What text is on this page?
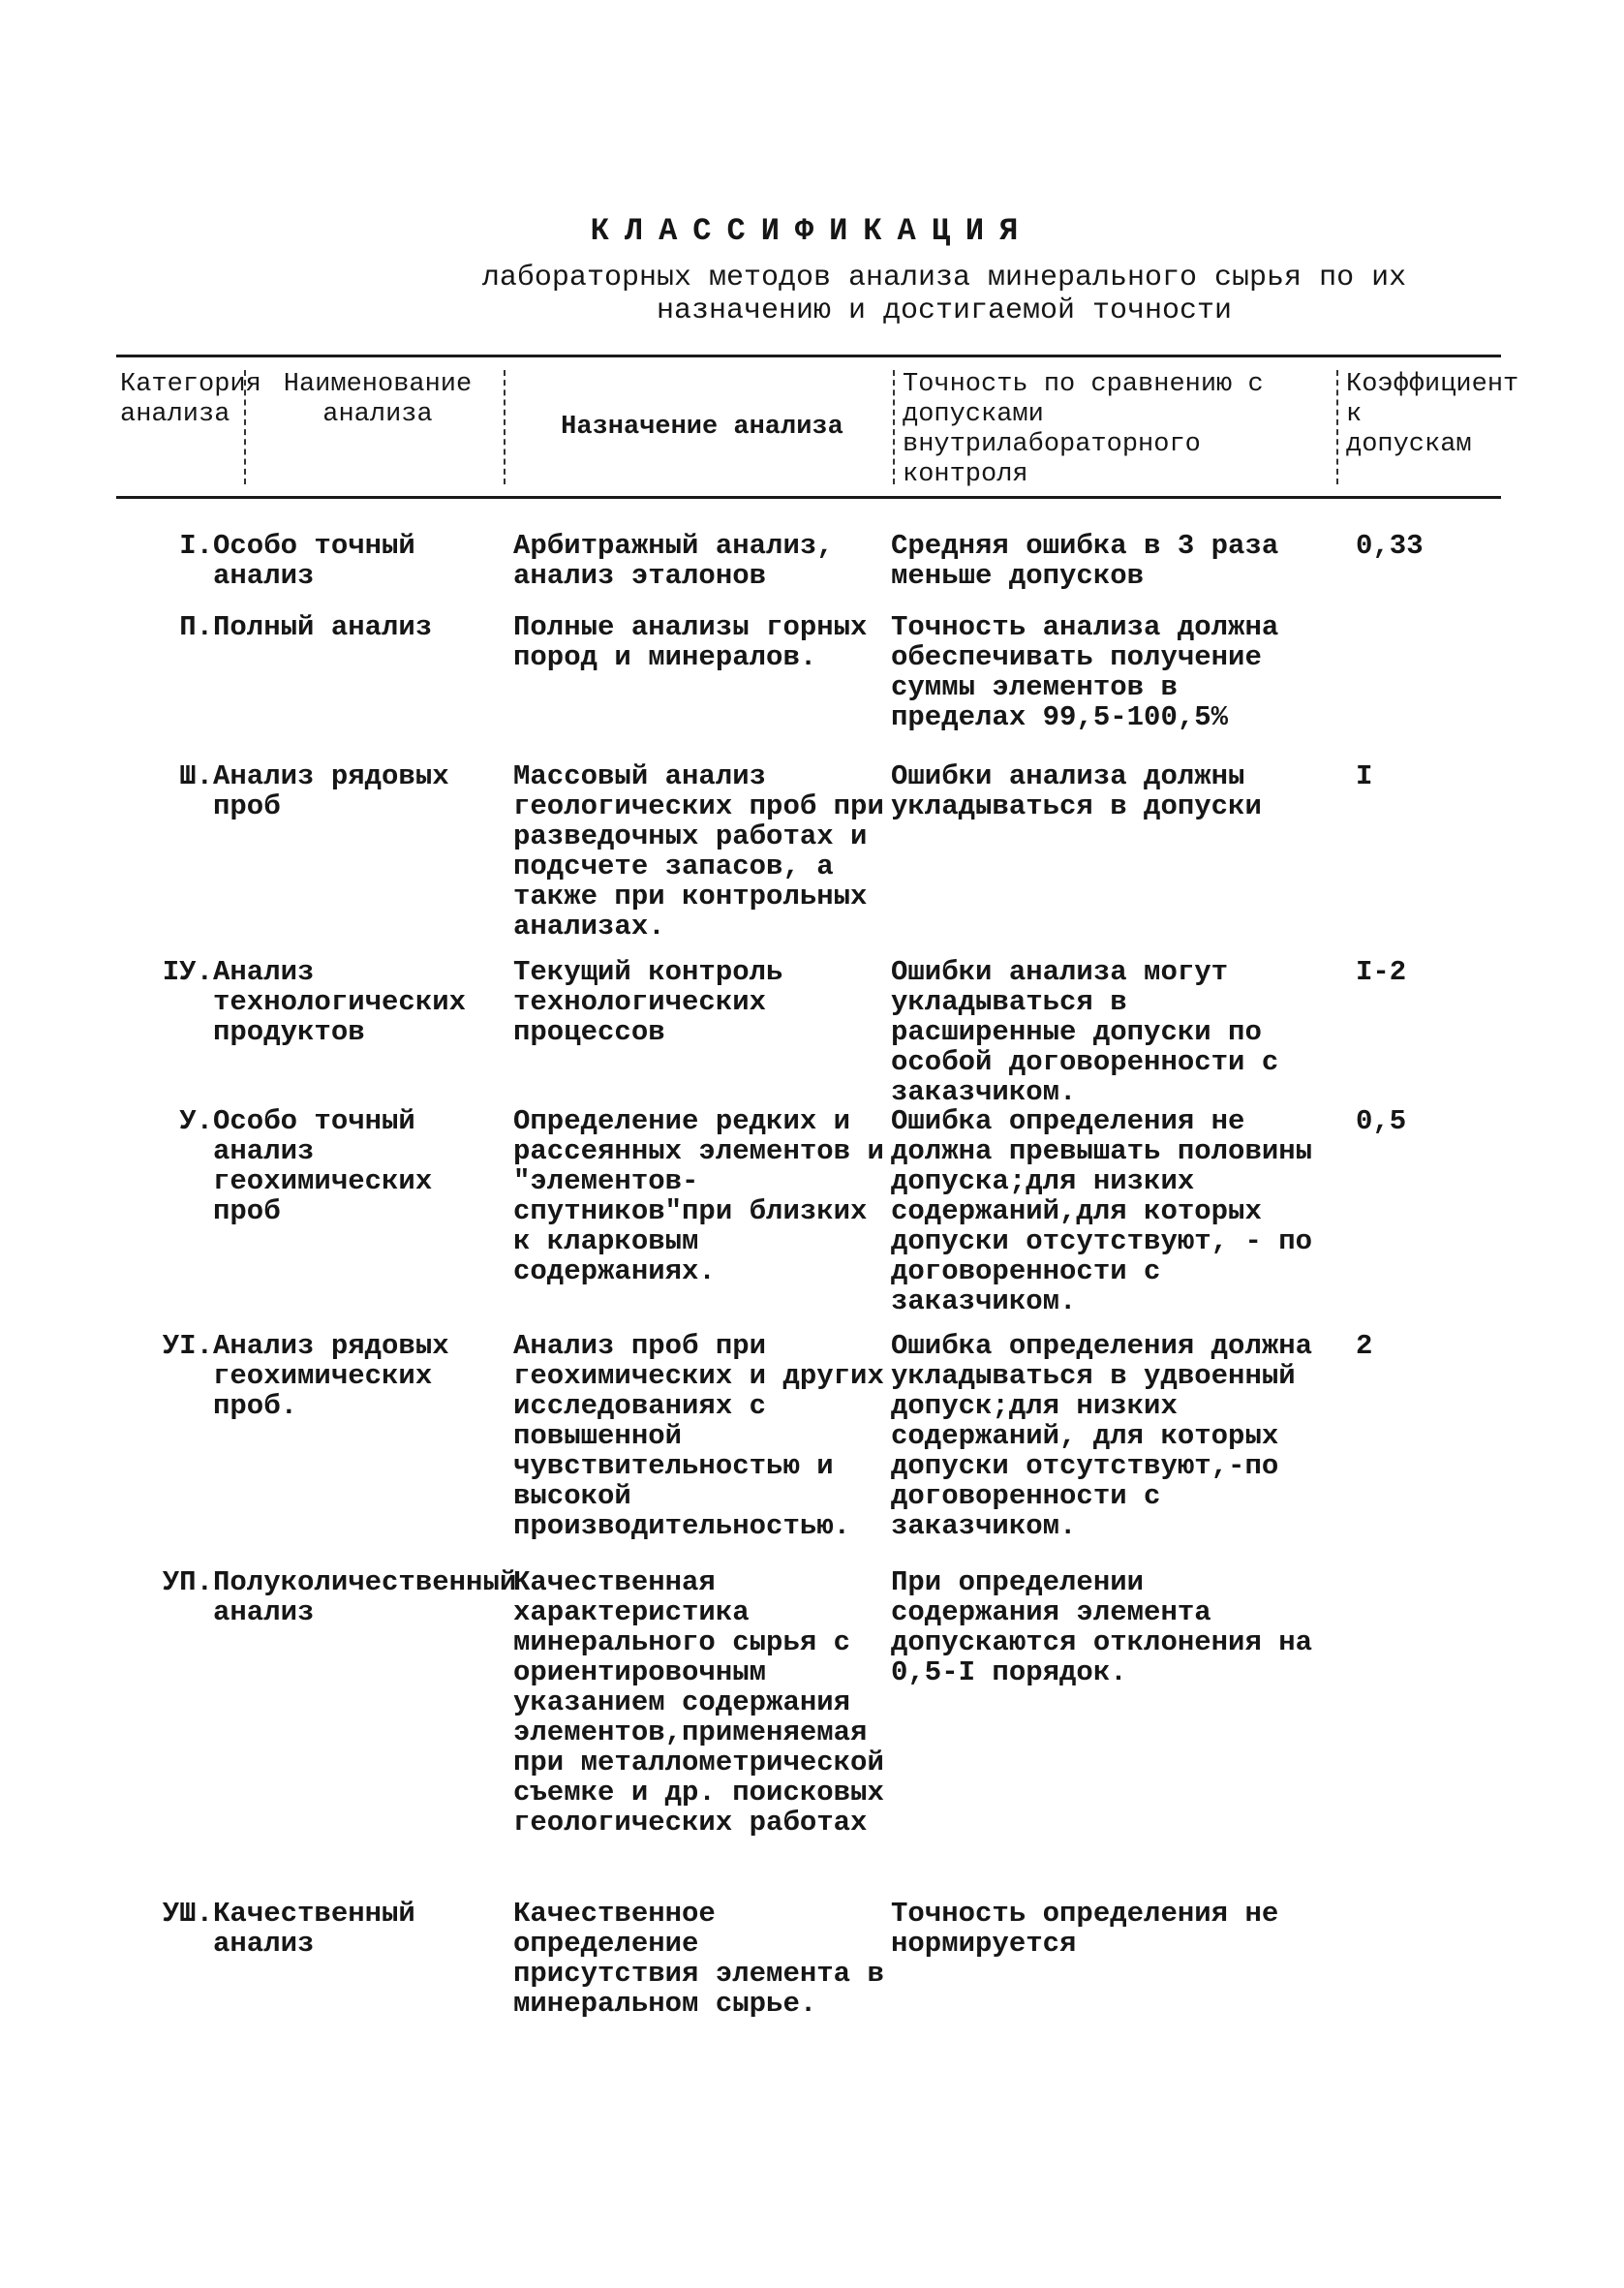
КЛАССИФИКАЦИЯ
лабораторных методов анализа минерального сырья по их назначению и достигаемой точности
Категория анализа
Наименование анализа	Назначение анализа
Точность по сравнению с допусками внутрилабораторного контроля
Коэффициент к допускам
I. Особо точный анализ
Арбитражный анализ, анализ эталонов
Средняя ошибка в 3 раза меньше допусков
0,33
П. Полный анализ	Полные анализы горных пород и минералов.
Точность анализа должна обеспечивать получение суммы элементов в пределах 99,5-100,5%
Ш. Анализ рядовых проб
Массовый анализ геологических проб при разведочных работах и подсчете запасов, а также при контрольных анализах.
Ошибки анализа должны укладываться в допуски
I
IУ. Анализ технологических продуктов
Текущий контроль технологических процессов
Ошибки анализа могут укладываться в расширенные допуски по особой договоренности с заказчиком.
I-2
У. Особо точный анализ геохимических проб
Определение редких и рассеянных элементов и "элементов-спутников"при близких к кларковым содержаниях.
Ошибка определения не должна превышать половины допуска;для низких содержаний,для которых допуски отсутствуют, - по договоренности с заказчиком.
0,5
УI. Анализ рядовых геохимических проб.
Анализ проб при геохимических и других исследованиях с повышенной чувствительностью и высокой производительностью.
Ошибка определения должна укладываться в удвоенный допуск;для низких содержаний, для которых допуски отсутствуют,-по договоренности с заказчиком.
2
УП. Полуколичественный анализ
Качественная характеристика минерального сырья с ориентировочным указанием содержания элементов,применяемая при металлометрической съемке и др. поисковых геологических работах
При определении содержания элемента допускаются отклонения на 0,5-I порядок.
УШ. Качественный анализ
Качественное определение присутствия элемента в минеральном сырье.
Точность определения не нормируется
